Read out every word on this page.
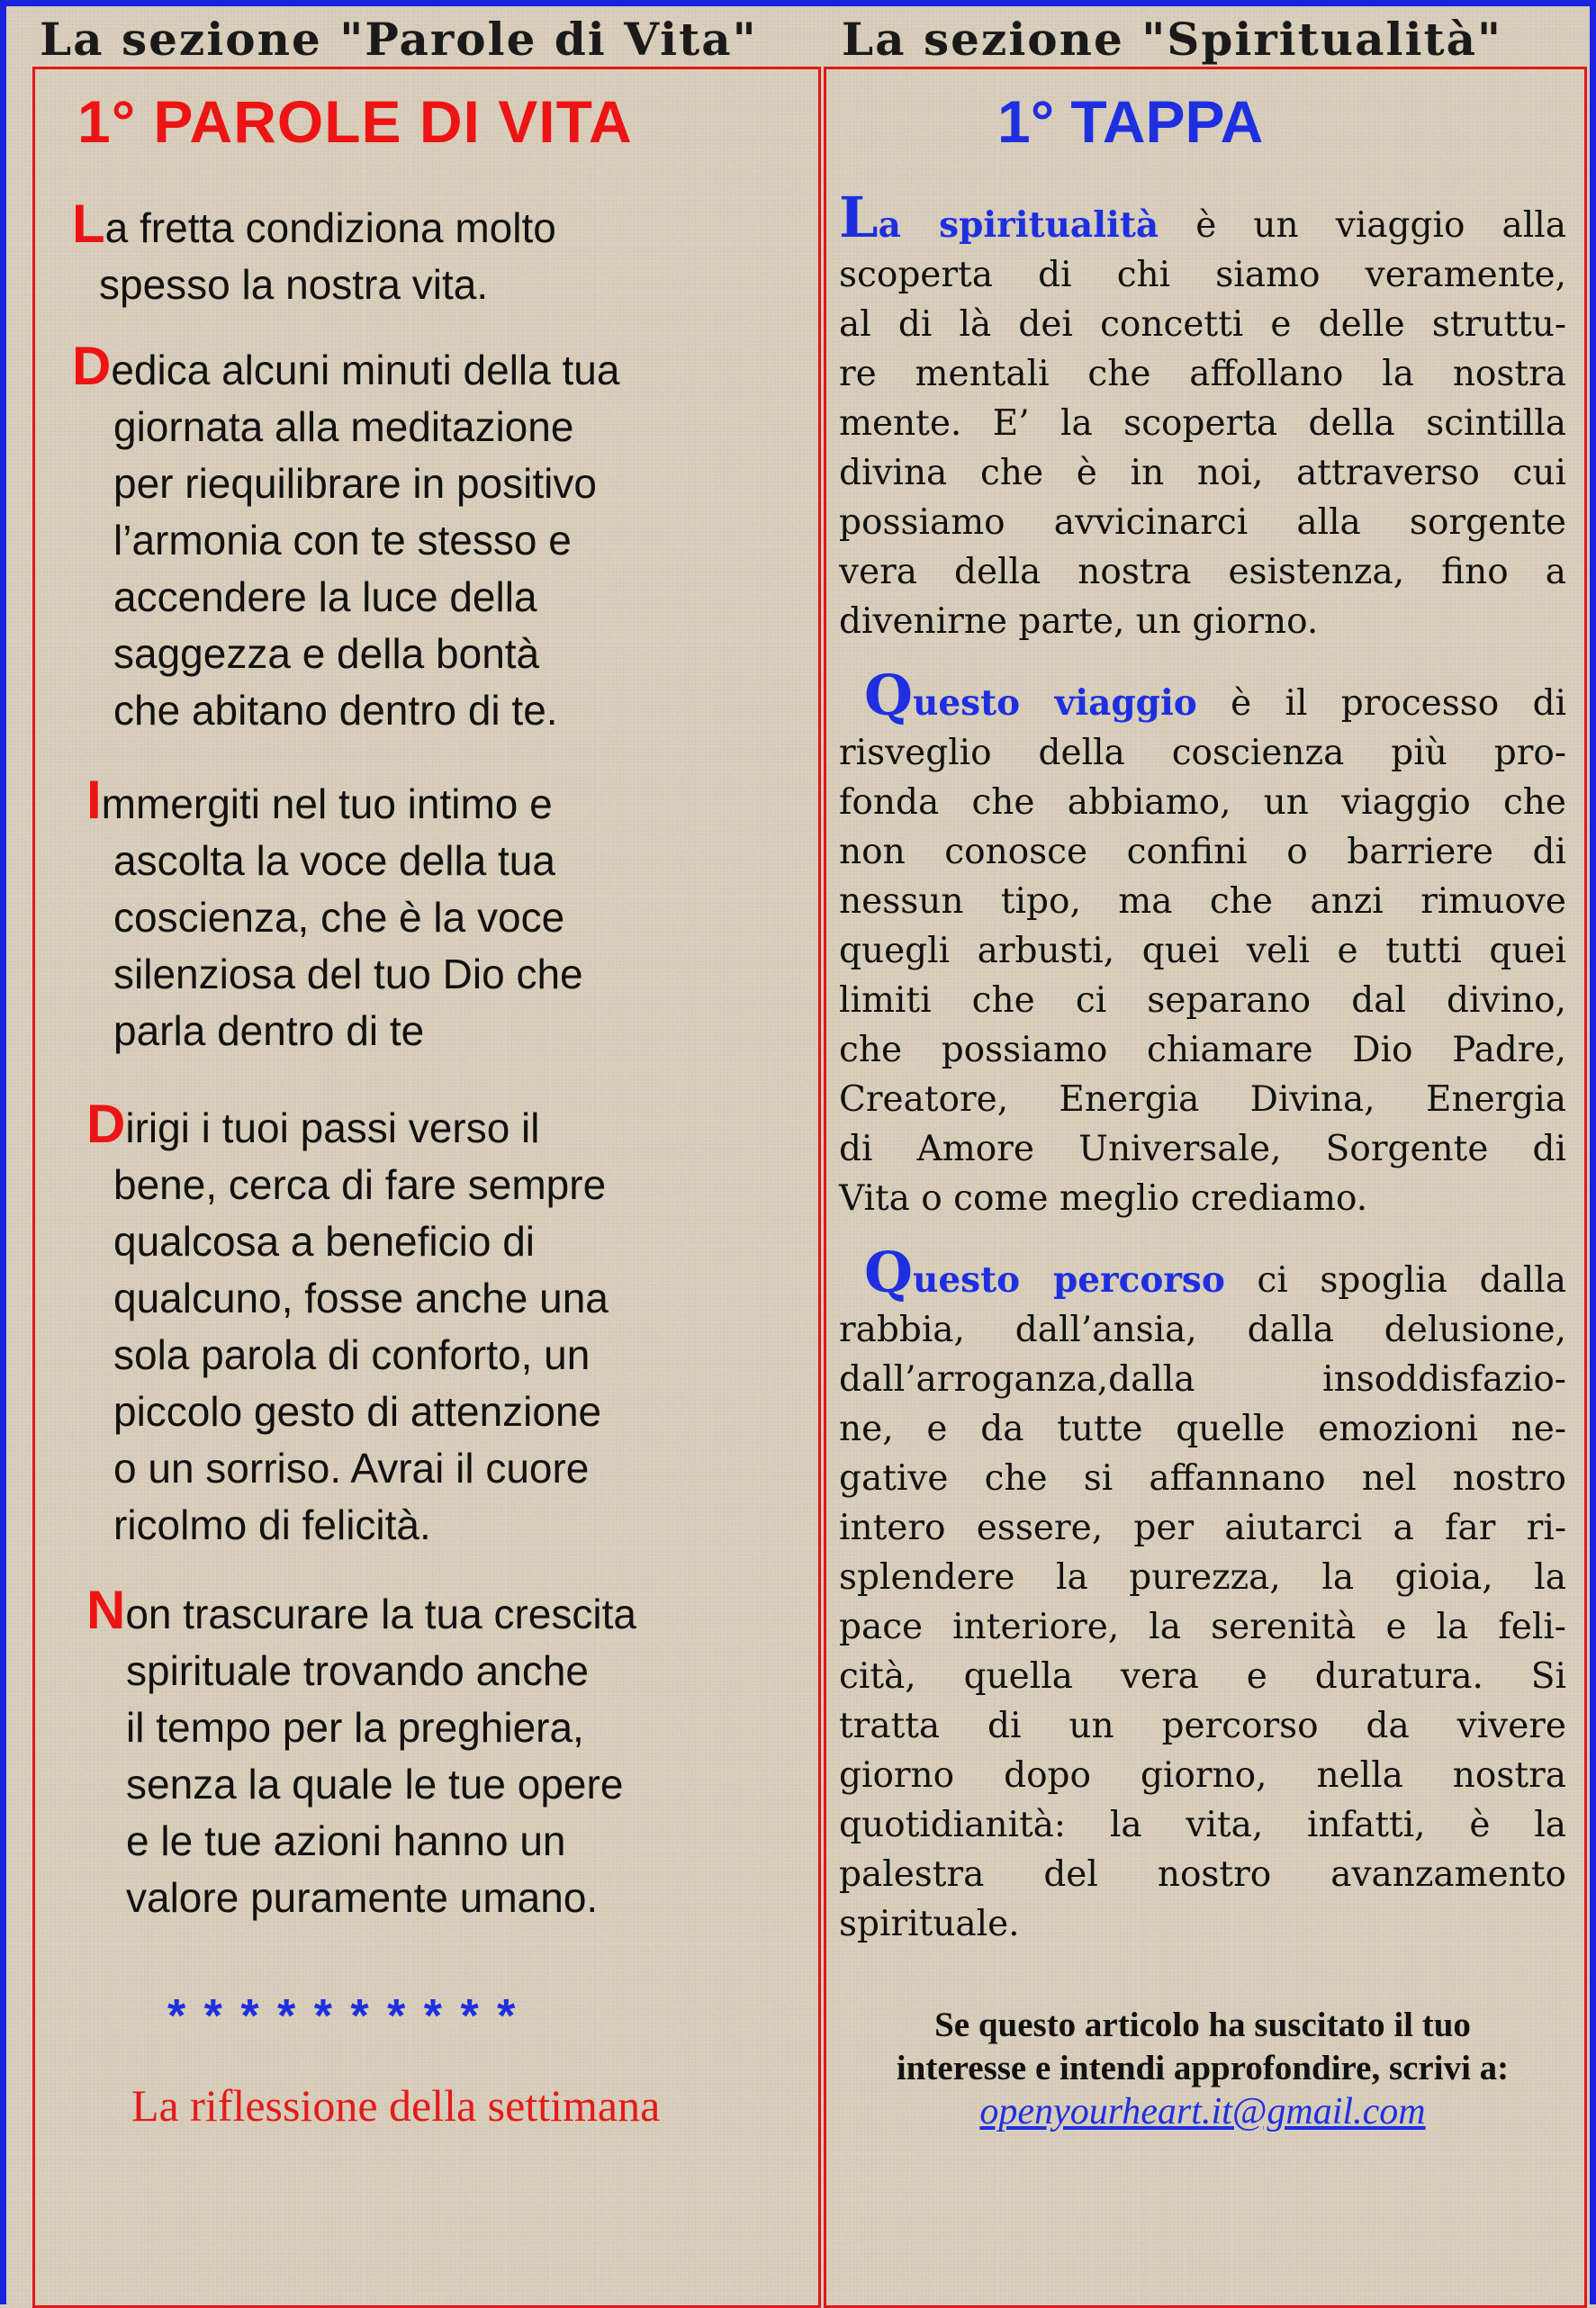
La sezione "Parole di Vita" La sezione "Spiritualità"
1° PAROLE DI VITA	1° TAPPA
La fretta condiziona molto
spesso la nostra vita.
Dedica alcuni minuti della tua
giornata alla meditazione
per riequilibrare in positivo
l’armonia con te stesso e
accendere la luce della
saggezza e della bontà
che abitano dentro di te.
Immergiti nel tuo intimo e
ascolta la voce della tua
coscienza, che è la voce
silenziosa del tuo Dio che
parla dentro di te
Dirigi i tuoi passi verso il
bene, cerca di fare sempre
qualcosa a beneficio di
qualcuno, fosse anche una
sola parola di conforto, un
piccolo gesto di attenzione
o un sorriso. Avrai il cuore
ricolmo di felicità.
Non trascurare la tua crescita
spirituale trovando anche
il tempo per la preghiera,
senza la quale le tue opere
e le tue azioni hanno un
valore puramente umano.
* * * * * * * * * *
La riflessione della settimana
La spiritualità è un viaggio alla
scoperta di chi siamo veramente,
al di là dei concetti e delle struttu-
re mentali che affollano la nostra
mente. E’ la scoperta della scintilla
divina che è in noi, attraverso cui
possiamo avvicinarci alla sorgente
vera della nostra esistenza, fino a
divenirne parte, un giorno.
Questo viaggio è il processo di
risveglio della coscienza più pro-
fonda che abbiamo, un viaggio che
non conosce confini o barriere di
nessun tipo, ma che anzi rimuove
quegli arbusti, quei veli e tutti quei
limiti che ci separano dal divino,
che possiamo chiamare Dio Padre,
Creatore, Energia Divina, Energia
di Amore Universale, Sorgente di
Vita o come meglio crediamo.
Questo percorso ci spoglia dalla
rabbia, dall’ansia, dalla delusione,
dall’arroganza,dalla insoddisfazio-
ne, e da tutte quelle emozioni ne-
gative che si affannano nel nostro
intero essere, per aiutarci a far ri-
splendere la purezza, la gioia, la
pace interiore, la serenità e la feli-
cità, quella vera e duratura. Si
tratta di un percorso da vivere
giorno dopo giorno, nella nostra
quotidianità: la vita, infatti, è la
palestra del nostro avanzamento
spirituale.
Se questo articolo ha suscitato il tuo
interesse e intendi approfondire, scrivi a:
openyourheart.it@gmail.com
